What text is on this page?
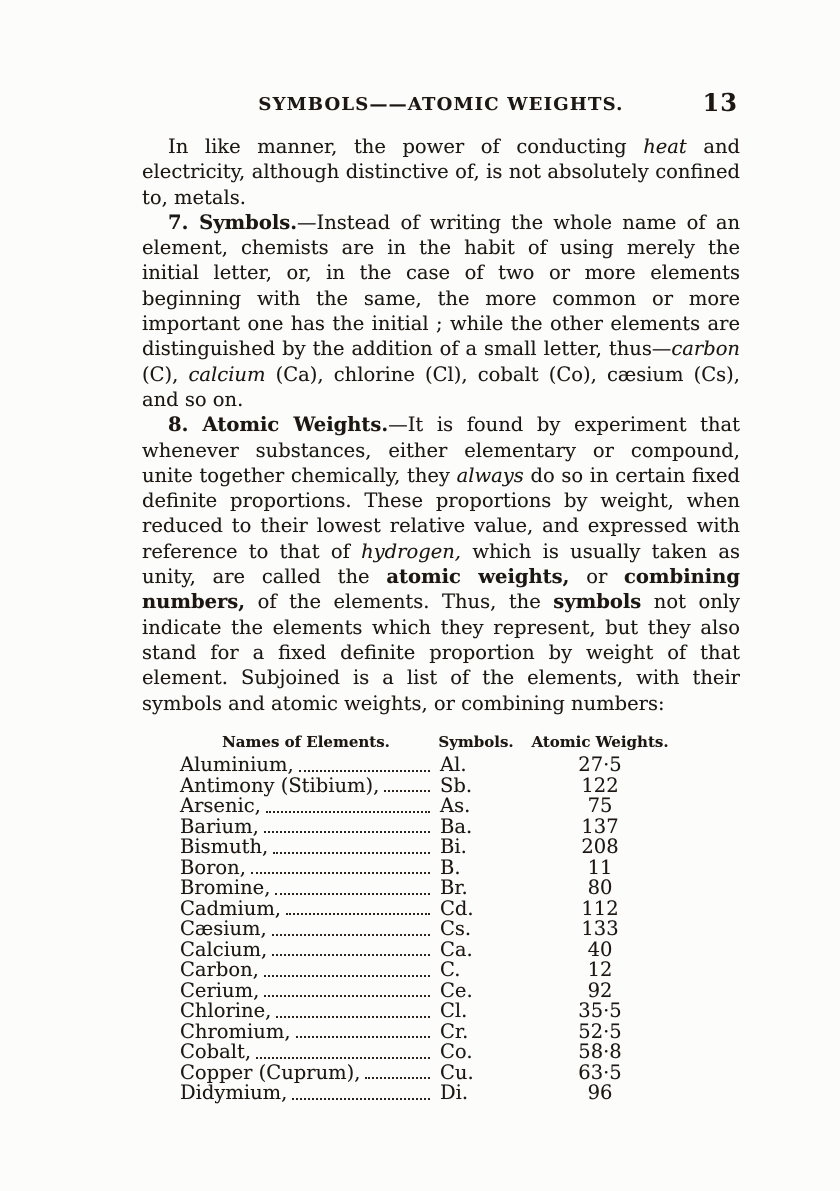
SYMBOLS——ATOMIC WEIGHTS.	13

In like manner, the power of conducting heat and electricity, although distinctive of, is not absolutely confined to, metals.

7. Symbols.—Instead of writing the whole name of an element, chemists are in the habit of using merely the initial letter, or, in the case of two or more elements beginning with the same, the more common or more important one has the initial ; while the other elements are distinguished by the addition of a small letter, thus—carbon (C), calcium (Ca), chlorine (Cl), cobalt (Co), cæsium (Cs), and so on.

8. Atomic Weights.—It is found by experiment that whenever substances, either elementary or compound, unite together chemically, they always do so in certain fixed definite proportions. These proportions by weight, when reduced to their lowest relative value, and expressed with reference to that of hydrogen, which is usually taken as unity, are called the atomic weights, or combining numbers, of the elements. Thus, the symbols not only indicate the elements which they represent, but they also stand for a fixed definite proportion by weight of that element. Subjoined is a list of the elements, with their symbols and atomic weights, or combining numbers:

Names of Elements.	Symbols.	Atomic Weights.
Aluminium,	Al.	27·5
Antimony (Stibium),	Sb.	122
Arsenic,	As.	75
Barium,	Ba.	137
Bismuth,	Bi.	208
Boron,	B.	11
Bromine,	Br.	80
Cadmium,	Cd.	112
Cæsium,	Cs.	133
Calcium,	Ca.	40
Carbon,	C.	12
Cerium,	Ce.	92
Chlorine,	Cl.	35·5
Chromium,	Cr.	52·5
Cobalt,	Co.	58·8
Copper (Cuprum),	Cu.	63·5
Didymium,	Di.	96
